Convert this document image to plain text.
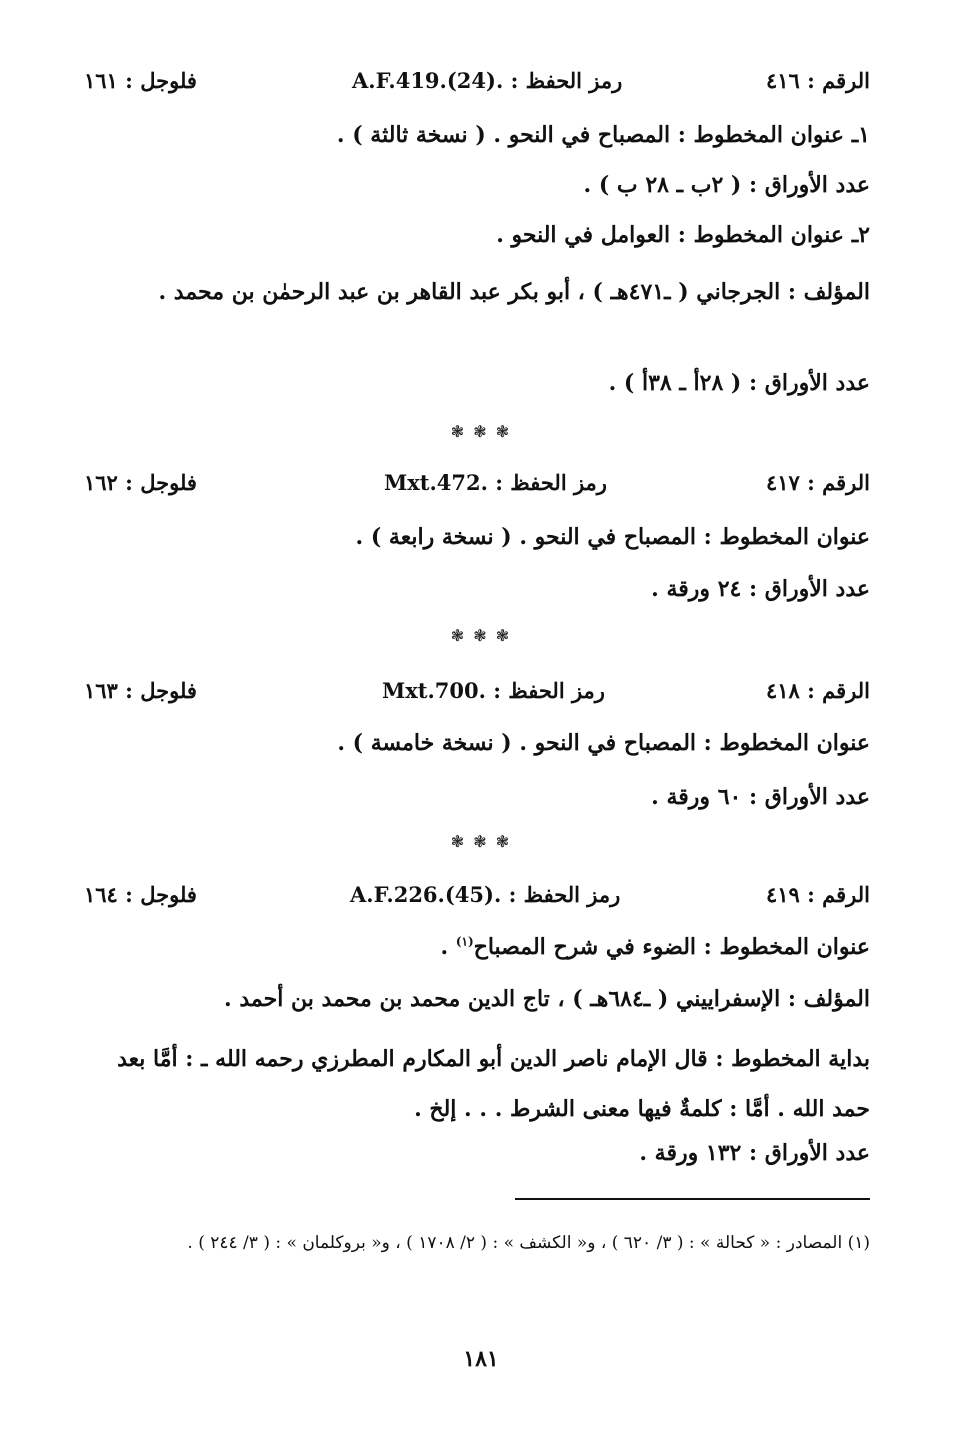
الرقم : ٤١٦
رمز الحفظ : .A.F.419.(24)
فلوجل : ١٦١
١ـ عنوان المخطوط : المصباح في النحو . ( نسخة ثالثة ) .
عدد الأوراق : ( ٢ب ـ ٢٨ ب ) .
٢ـ عنوان المخطوط : العوامل في النحو .
المؤلف : الجرجاني ( ـ٤٧١هـ ) ، أبو بكر عبد القاهر بن عبد الرحمٰن بن محمد .
عدد الأوراق : ( ٢٨أ ـ ٣٨أ ) .
❃ ❃ ❃
الرقم : ٤١٧
رمز الحفظ : .Mxt.472
فلوجل : ١٦٢
عنوان المخطوط : المصباح في النحو . ( نسخة رابعة ) .
عدد الأوراق : ٢٤ ورقة .
❃ ❃ ❃
الرقم : ٤١٨
رمز الحفظ : .Mxt.700
فلوجل : ١٦٣
عنوان المخطوط : المصباح في النحو . ( نسخة خامسة ) .
عدد الأوراق : ٦٠ ورقة .
❃ ❃ ❃
الرقم : ٤١٩
رمز الحفظ : .A.F.226.(45)
فلوجل : ١٦٤
عنوان المخطوط : الضوء في شرح المصباح$^{(١)}$ .
المؤلف : الإسفراييني ( ـ٦٨٤هـ ) ، تاج الدين محمد بن محمد بن أحمد .
بداية المخطوط : قال الإمام ناصر الدين أبو المكارم المطرزي رحمه الله ـ : أمَّا بعد حمد الله . أمَّا : كلمةٌ فيها معنى الشرط . . . إلخ .
عدد الأوراق : ١٣٢ ورقة .
(١) المصادر : « كحالة » : ( ٣/ ٦٢٠ ) ، و« الكشف » : ( ٢/ ١٧٠٨ ) ، و« بروكلمان » : ( ٣/ ٢٤٤ ) .
١٨١
